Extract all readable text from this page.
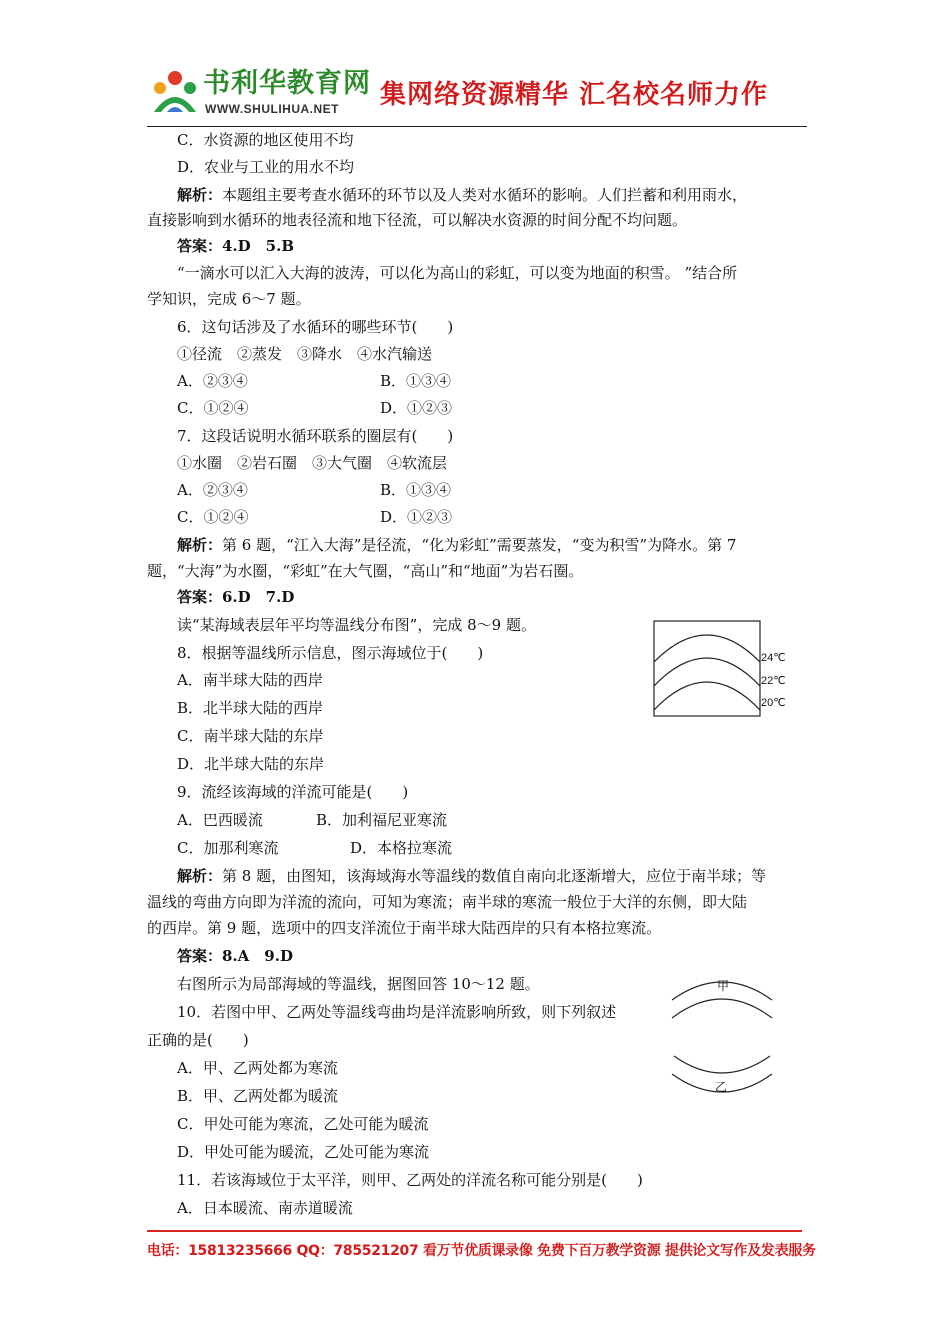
书利华教育网
WWW.SHULIHUA.NET 集网络资源精华 汇名校名师力作
C．水资源的地区使用不均
D．农业与工业的用水不均
解析：本题组主要考查水循环的环节以及人类对水循环的影响。人们拦蓄和利用雨水，
直接影响到水循环的地表径流和地下径流，可以解决水资源的时间分配不均问题。
答案：4.D　5.B
“一滴水可以汇入大海的波涛，可以化为高山的彩虹，可以变为地面的积雪。 ”结合所
学知识，完成 6～7 题。
6．这句话涉及了水循环的哪些环节(　　)
①径流　②蒸发　③降水　④水汽输送
A．②③④	B．①③④
C．①②④	D．①②③
7．这段话说明水循环联系的圈层有(　　)
①水圈　②岩石圈　③大气圈　④软流层
A．②③④	B．①③④
C．①②④	D．①②③
解析：第 6 题，“江入大海”是径流，“化为彩虹”需要蒸发，“变为积雪”为降水。第 7
题，“大海”为水圈，“彩虹”在大气圈，“高山”和“地面”为岩石圈。
答案：6.D　7.D
读“某海域表层年平均等温线分布图”，完成 8～9 题。
8．根据等温线所示信息，图示海域位于(　　)
A．南半球大陆的西岸
B．北半球大陆的西岸
C．南半球大陆的东岸
D．北半球大陆的东岸
24℃
22℃
20℃
9．流经该海域的洋流可能是(　　)
A．巴西暖流	B．加利福尼亚寒流
C．加那利寒流	D．本格拉寒流
解析：第 8 题，由图知，该海域海水等温线的数值自南向北逐渐增大，应位于南半球；等
温线的弯曲方向即为洋流的流向，可知为寒流；南半球的寒流一般位于大洋的东侧，即大陆
的西岸。第 9 题，选项中的四支洋流位于南半球大陆西岸的只有本格拉寒流。
答案：8.A　9.D
右图所示为局部海域的等温线，据图回答 10～12 题。
10．若图中甲、乙两处等温线弯曲均是洋流影响所致，则下列叙述
正确的是(　　)
A．甲、乙两处都为寒流
B．甲、乙两处都为暖流
C．甲处可能为寒流，乙处可能为暖流
D．甲处可能为暖流，乙处可能为寒流
甲
乙
11．若该海域位于太平洋，则甲、乙两处的洋流名称可能分别是(　　)
A．日本暖流、南赤道暖流
电话：15813235666 QQ：785521207 看万节优质课录像 免费下百万教学资源 提供论文写作及发表服务
